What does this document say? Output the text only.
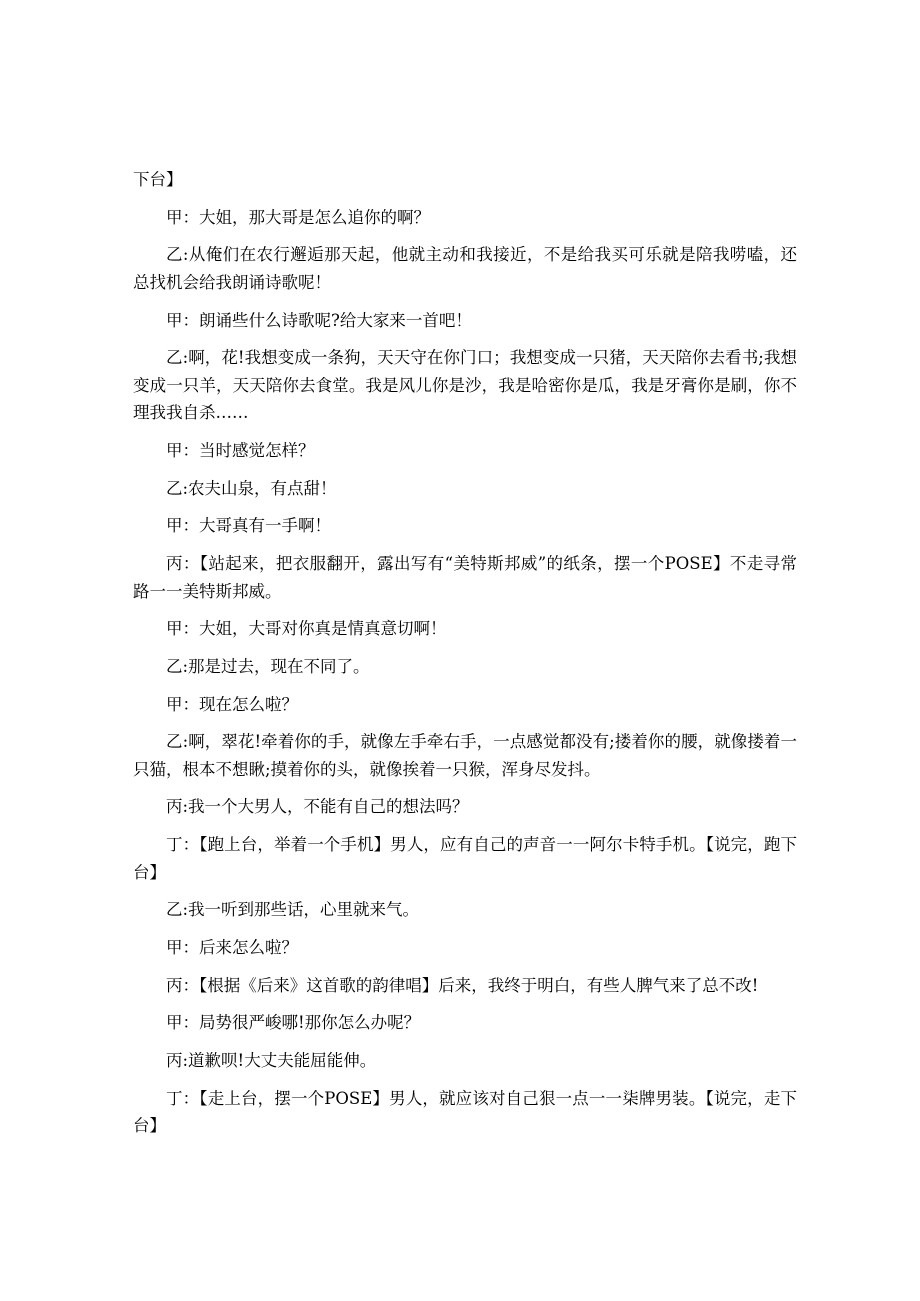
下台】

甲：大姐，那大哥是怎么追你的啊？

乙:从俺们在农行邂逅那天起，他就主动和我接近，不是给我买可乐就是陪我唠嗑，还总找机会给我朗诵诗歌呢！

甲：朗诵些什么诗歌呢?给大家来一首吧！

乙:啊，花!我想变成一条狗，天天守在你门口；我想变成一只猪，天天陪你去看书;我想变成一只羊，天天陪你去食堂。我是风儿你是沙，我是哈密你是瓜，我是牙膏你是刷，你不理我我自杀……

甲：当时感觉怎样？

乙:农夫山泉，有点甜！

甲：大哥真有一手啊！

丙：【站起来，把衣服翻开，露出写有“美特斯邦威”的纸条，摆一个POSE】不走寻常路一一美特斯邦威。

甲：大姐，大哥对你真是情真意切啊！

乙:那是过去，现在不同了。

甲：现在怎么啦？

乙:啊，翠花!牵着你的手，就像左手牵右手，一点感觉都没有;搂着你的腰，就像搂着一只猫，根本不想瞅;摸着你的头，就像挨着一只猴，浑身尽发抖。

丙:我一个大男人，不能有自己的想法吗？

丁：【跑上台，举着一个手机】男人，应有自己的声音一一阿尔卡特手机。【说完，跑下台】

乙:我一听到那些话，心里就来气。

甲：后来怎么啦？

丙：【根据《后来》这首歌的韵律唱】后来，我终于明白，有些人脾气来了总不改!

甲：局势很严峻哪!那你怎么办呢？

丙:道歉呗!大丈夫能屈能伸。

丁：【走上台，摆一个POSE】男人，就应该对自己狠一点一一柒牌男装。【说完，走下台】
